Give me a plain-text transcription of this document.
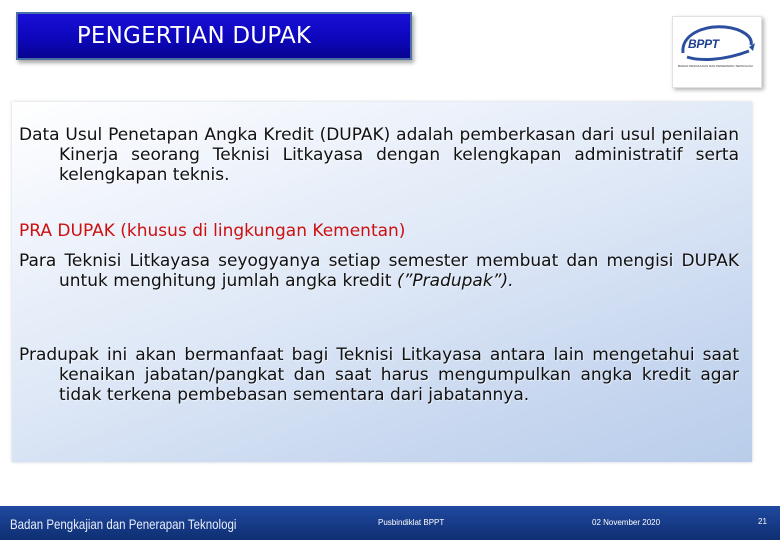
PENGERTIAN DUPAK	BPPT
BADAN PENGKAJIAN DAN PENERAPAN TEKNOLOGI
Data Usul Penetapan Angka Kredit (DUPAK) adalah pemberkasan dari usul penilaian Kinerja seorang Teknisi Litkayasa dengan kelengkapan administratif serta kelengkapan teknis.
PRA DUPAK (khusus di lingkungan Kementan)
Para Teknisi Litkayasa seyogyanya setiap semester membuat dan mengisi DUPAK untuk menghitung jumlah angka kredit (”Pradupak”).
Pradupak ini akan bermanfaat bagi Teknisi Litkayasa antara lain mengetahui saat kenaikan jabatan/pangkat dan saat harus mengumpulkan angka kredit agar tidak terkena pembebasan sementara dari jabatannya.
Badan Pengkajian dan Penerapan Teknologi	Pusbindiklat BPPT	02 November 2020	21
